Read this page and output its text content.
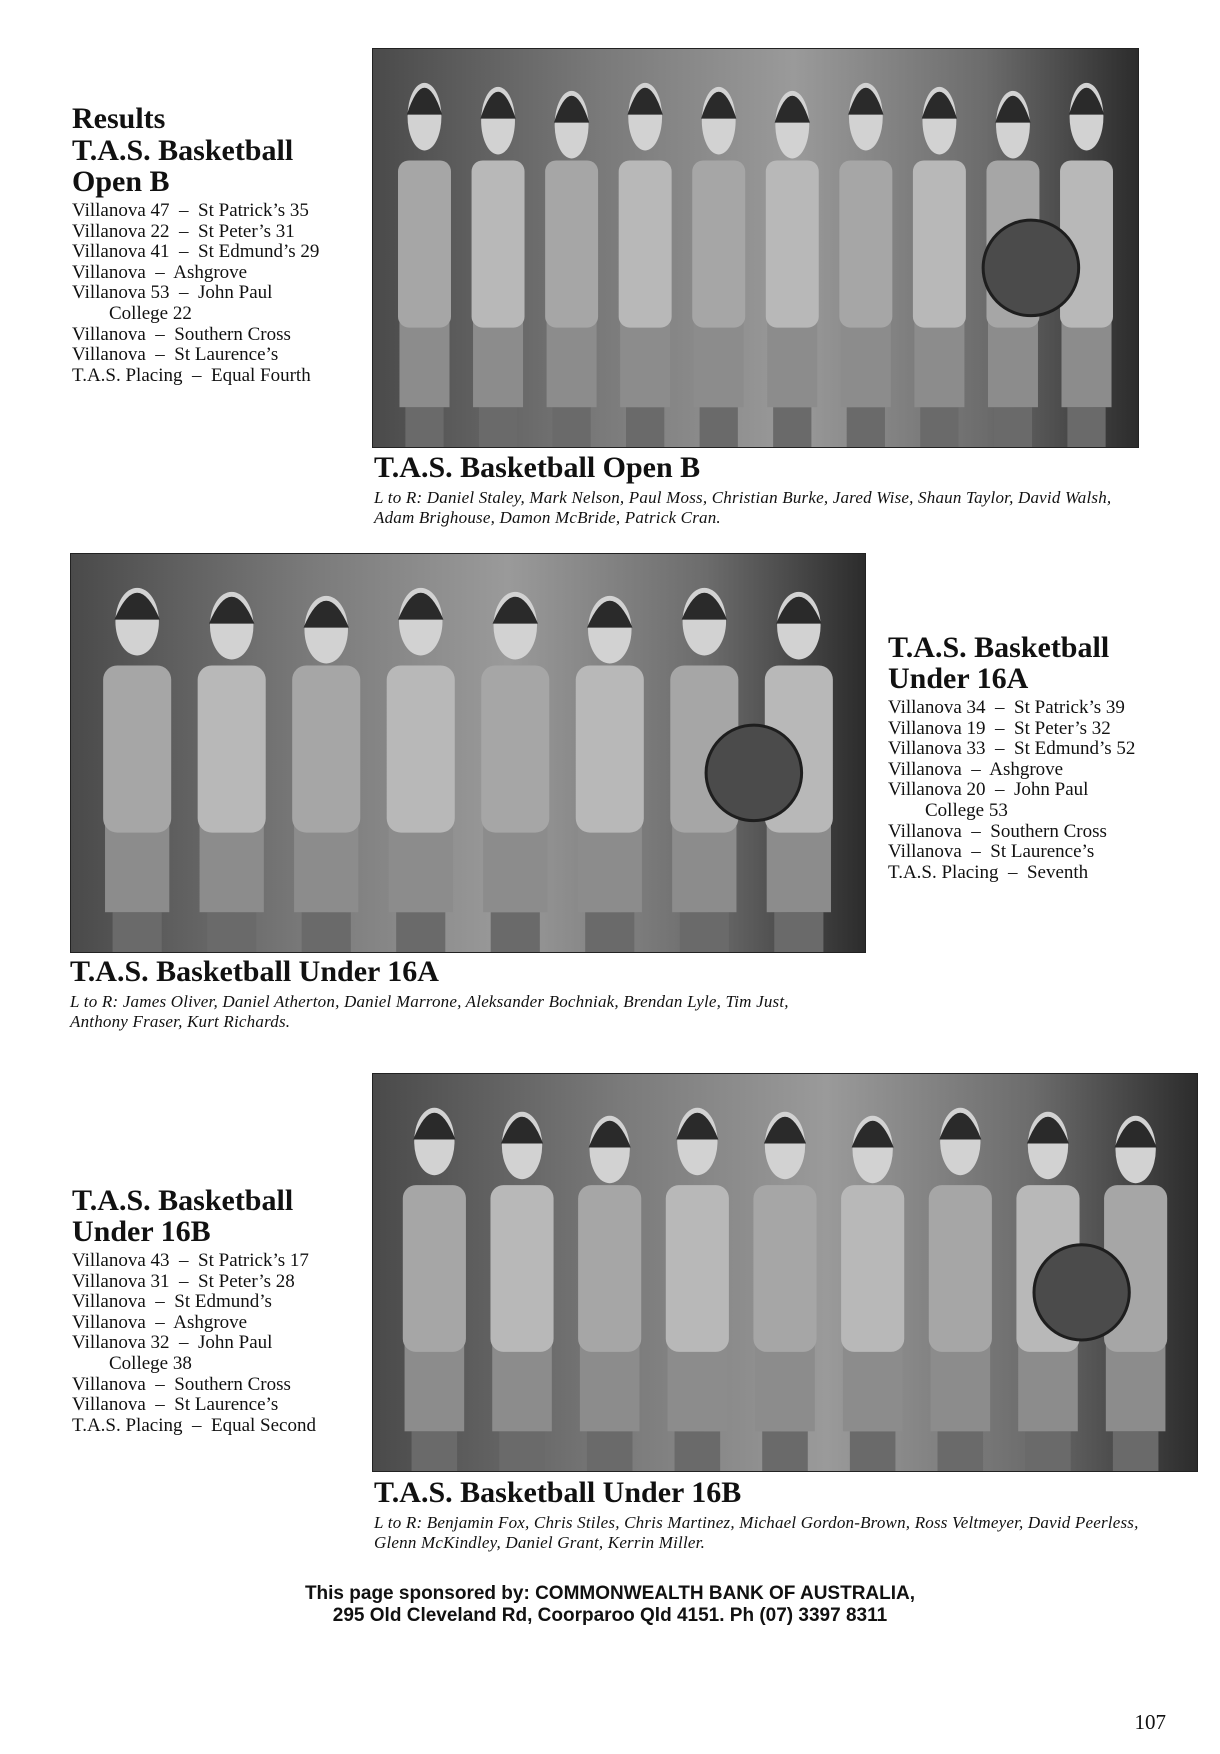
Results
T.A.S. Basketball
Open B
Villanova 47  –  St Patrick’s 35
Villanova 22  –  St Peter’s 31
Villanova 41  –  St Edmund’s 29
Villanova  –  Ashgrove
Villanova 53  –  John Paul
College 22
Villanova  –  Southern Cross
Villanova  –  St Laurence’s
T.A.S. Placing  –  Equal Fourth
T.A.S. Basketball Open B
L to R: Daniel Staley, Mark Nelson, Paul Moss, Christian Burke, Jared Wise, Shaun Taylor, David Walsh,
Adam Brighouse, Damon McBride, Patrick Cran.
T.A.S. Basketball
Under 16A
Villanova 34  –  St Patrick’s 39
Villanova 19  –  St Peter’s 32
Villanova 33  –  St Edmund’s 52
Villanova  –  Ashgrove
Villanova 20  –  John Paul
College 53
Villanova  –  Southern Cross
Villanova  –  St Laurence’s
T.A.S. Placing  –  Seventh
T.A.S. Basketball Under 16A
L to R: James Oliver, Daniel Atherton, Daniel Marrone, Aleksander Bochniak, Brendan Lyle, Tim Just,
Anthony Fraser, Kurt Richards.
T.A.S. Basketball
Under 16B
Villanova 43  –  St Patrick’s 17
Villanova 31  –  St Peter’s 28
Villanova  –  St Edmund’s
Villanova  –  Ashgrove
Villanova 32  –  John Paul
College 38
Villanova  –  Southern Cross
Villanova  –  St Laurence’s
T.A.S. Placing  –  Equal Second
T.A.S. Basketball Under 16B
L to R: Benjamin Fox, Chris Stiles, Chris Martinez, Michael Gordon-Brown, Ross Veltmeyer, David Peerless,
Glenn McKindley, Daniel Grant, Kerrin Miller.
This page sponsored by: COMMONWEALTH BANK OF AUSTRALIA,
295 Old Cleveland Rd, Coorparoo Qld 4151. Ph (07) 3397 8311
107
